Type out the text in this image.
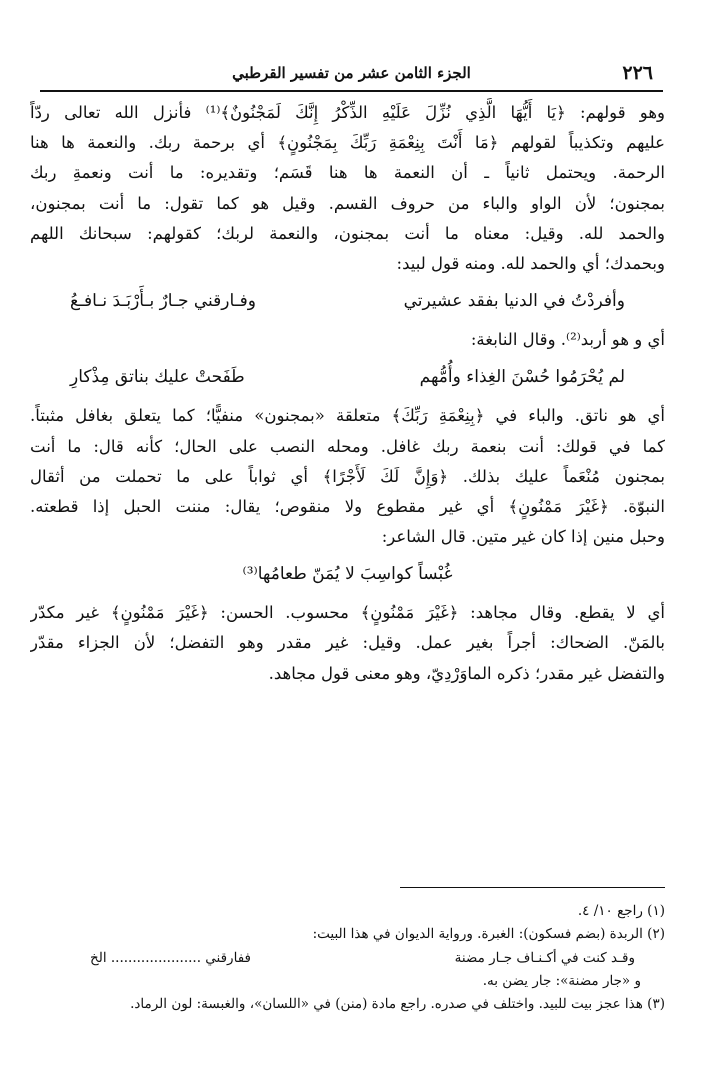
٢٢٦
الجزء الثامن عشر من تفسير القرطبي
وهو قولهم: ﴿يَا أَيُّهَا الَّذِي نُزِّلَ عَلَيْهِ الذِّكْرُ إِنَّكَ لَمَجْنُونٌ﴾⁽¹⁾ فأنزل الله تعالى ردّاً
عليهم وتكذيباً لقولهم ﴿مَا أَنْتَ بِنِعْمَةِ رَبِّكَ بِمَجْنُونٍ﴾ أي برحمة ربك. والنعمة ها هنا
الرحمة. ويحتمل ثانياً ـ أن النعمة ها هنا قَسَم؛ وتقديره: ما أنت ونعمةِ ربك
بمجنون؛ لأن الواو والباء من حروف القسم. وقيل هو كما تقول: ما أنت بمجنون،
والحمد لله. وقيل: معناه ما أنت بمجنون، والنعمة لربك؛ كقولهم: سبحانك اللهم
وبحمدك؛ أي والحمد لله. ومنه قول لبيد:
وأفردْتُ في الدنيا بفقد عشيرتي
وفـارقني جـارٌ بـأَرْبَـدَ نـافـعُ
أي و هو أربد⁽²⁾. وقال النابغة:
لم يُحْرَمُوا حُسْنَ الغِذاء وأُمُّهم
طَفَحتْ عليك بناتق مِذْكارِ
أي هو ناتق. والباء في ﴿بِنِعْمَةِ رَبِّكَ﴾ متعلقة «بمجنون» منفيًّا؛ كما يتعلق بغافل مثبتاً.
كما في قولك: أنت بنعمة ربك غافل. ومحله النصب على الحال؛ كأنه قال: ما أنت
بمجنون مُنْعَماً عليك بذلك. ﴿وَإِنَّ لَكَ لَأَجْرًا﴾ أي ثواباً على ما تحملت من أثقال
النبوّة. ﴿غَيْرَ مَمْنُونٍ﴾ أي غير مقطوع ولا منقوص؛ يقال: مننت الحبل إذا قطعته.
وحبل منين إذا كان غير متين. قال الشاعر:
غُبْساً كواسِبَ لا يُمَنّ طعامُها⁽³⁾
أي لا يقطع. وقال مجاهد: ﴿غَيْرَ مَمْنُونٍ﴾ محسوب. الحسن: ﴿غَيْرَ مَمْنُونٍ﴾ غير مكدّر
بالمَنّ. الضحاك: أجراً بغير عمل. وقيل: غير مقدر وهو التفضل؛ لأن الجزاء مقدّر
والتفضل غير مقدر؛ ذكره الماوَرْدِيّ، وهو معنى قول مجاهد.
(١) راجع ١٠/ ٤.
(٢) الربدة (بضم فسكون): الغبرة. ورواية الديوان في هذا البيت:
وقـد كنت في أكـنـاف جـار مضنة
ففارقني ..................... الخ
و «جار مضنة»: جار يضن به.
(٣) هذا عجز بيت للبيد. واختلف في صدره. راجع مادة (منن) في «اللسان»، والغبسة: لون الرماد.
